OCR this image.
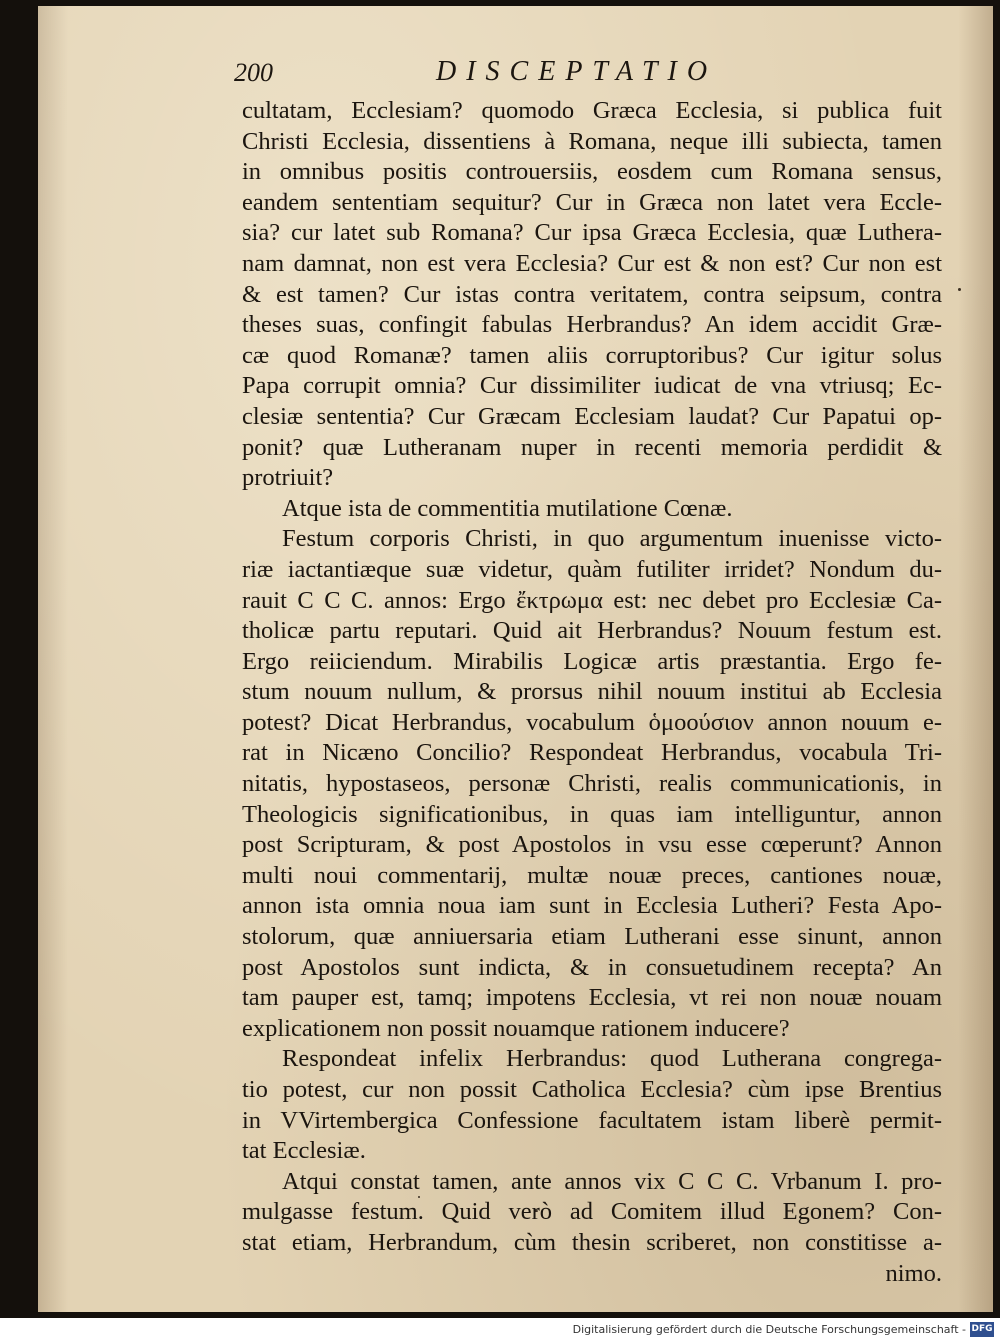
200	DISCEPTATIO
cultatam, Ecclesiam? quomodo Græca Ecclesia, si publica fuit
Christi Ecclesia, dissentiens à Romana, neque illi subiecta, tamen
in omnibus positis controuersiis, eosdem cum Romana sensus,
eandem sententiam sequitur? Cur in Græca non latet vera Eccle-
sia? cur latet sub Romana? Cur ipsa Græca Ecclesia, quæ Luthera-
nam damnat, non est vera Ecclesia? Cur est & non est? Cur non est
& est tamen? Cur istas contra veritatem, contra seipsum, contra
theses suas, confingit fabulas Herbrandus? An idem accidit Græ-
cæ quod Romanæ? tamen aliis corruptoribus? Cur igitur solus
Papa corrupit omnia? Cur dissimiliter iudicat de vna vtriusq; Ec-
clesiæ sententia? Cur Græcam Ecclesiam laudat? Cur Papatui op-
ponit? quæ Lutheranam nuper in recenti memoria perdidit &
protriuit?
Atque ista de commentitia mutilatione Cœnæ.
Festum corporis Christi, in quo argumentum inuenisse victo-
riæ iactantiæque suæ videtur, quàm futiliter irridet? Nondum du-
rauit C C C. annos: Ergo ἔκτρωμα est: nec debet pro Ecclesiæ Ca-
tholicæ partu reputari. Quid ait Herbrandus? Nouum festum est.
Ergo reiiciendum. Mirabilis Logicæ artis præstantia. Ergo fe-
stum nouum nullum, & prorsus nihil nouum institui ab Ecclesia
potest? Dicat Herbrandus, vocabulum ὁμοούσιον annon nouum e-
rat in Nicæno Concilio? Respondeat Herbrandus, vocabula Tri-
nitatis, hypostaseos, personæ Christi, realis communicationis, in
Theologicis significationibus, in quas iam intelliguntur, annon
post Scripturam, & post Apostolos in vsu esse cœperunt? Annon
multi noui commentarij, multæ nouæ preces, cantiones nouæ,
annon ista omnia noua iam sunt in Ecclesia Lutheri? Festa Apo-
stolorum, quæ anniuersaria etiam Lutherani esse sinunt, annon
post Apostolos sunt indicta, & in consuetudinem recepta? An
tam pauper est, tamq; impotens Ecclesia, vt rei non nouæ nouam
explicationem non possit nouamque rationem inducere?
Respondeat infelix Herbrandus: quod Lutherana congrega-
tio potest, cur non possit Catholica Ecclesia? cùm ipse Brentius
in VVirtembergica Confessione facultatem istam liberè permit-
tat Ecclesiæ.
Atqui constat tamen, ante annos vix C C C. Vrbanum I. pro-
mulgasse festum. Quid verò ad Comitem illud Egonem? Con-
stat etiam, Herbrandum, cùm thesin scriberet, non constitisse a-
nimo.
Digitalisierung gefördert durch die Deutsche Forschungsgemeinschaft - DFG
